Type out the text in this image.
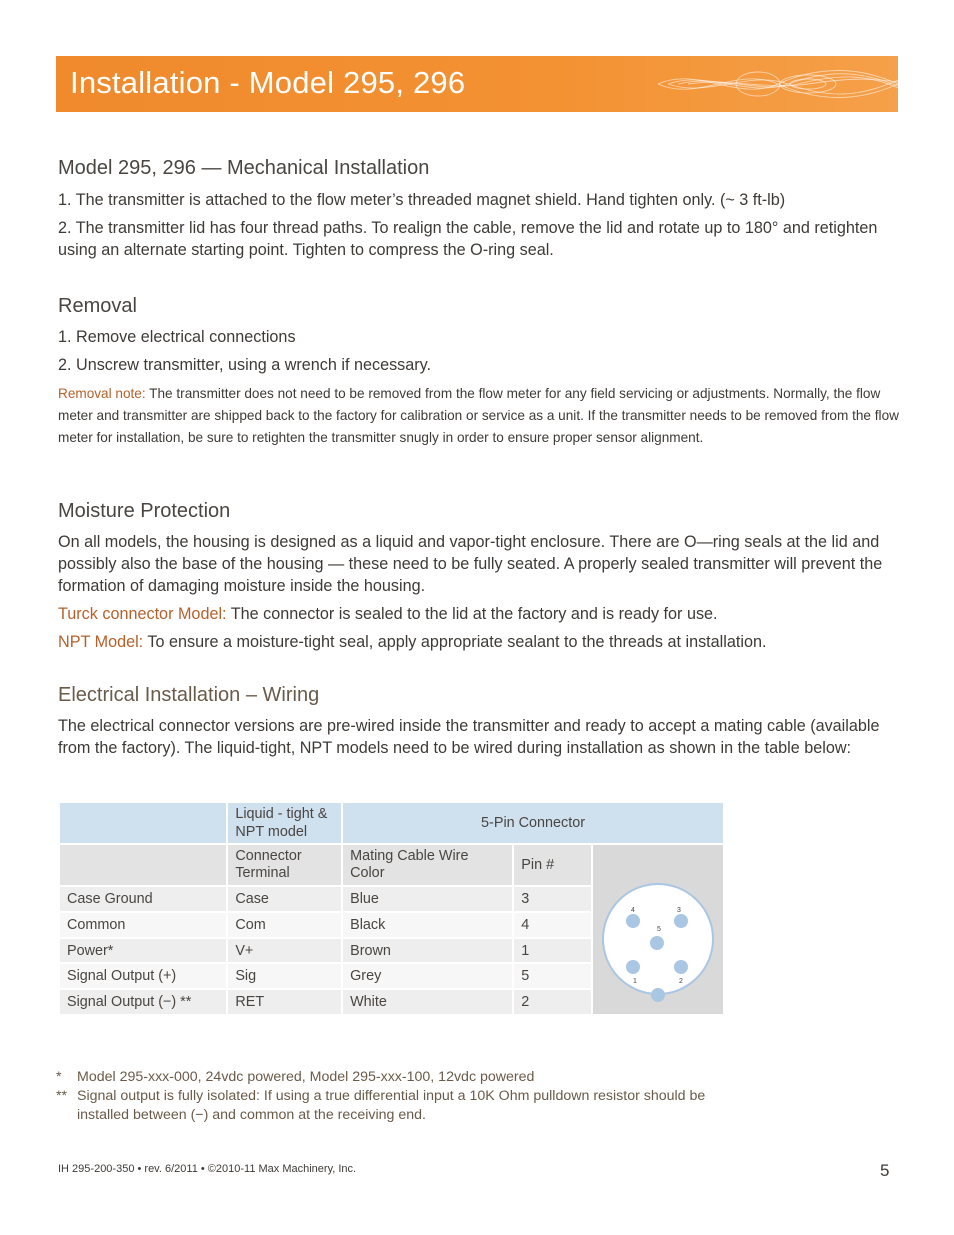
Installation - Model 295, 296
Model 295, 296 — Mechanical Installation
1. The transmitter is attached to the flow meter’s threaded magnet shield. Hand tighten only. (~ 3 ft-lb)
2. The transmitter lid has four thread paths. To realign the cable, remove the lid and rotate up to 180° and retighten using an alternate starting point. Tighten to compress the O-ring seal.
Removal
1. Remove electrical connections
2. Unscrew transmitter, using a wrench if necessary.
Removal note: The transmitter does not need to be removed from the flow meter for any field servicing or adjustments. Normally, the flow meter and transmitter are shipped back to the factory for calibration or service as a unit. If the transmitter needs to be removed from the flow meter for installation, be sure to retighten the transmitter snugly in order to ensure proper sensor alignment.
Moisture Protection
On all models, the housing is designed as a liquid and vapor-tight enclosure. There are O—ring seals at the lid and possibly also the base of the housing — these need to be fully seated. A properly sealed transmitter will prevent the formation of damaging moisture inside the housing.
Turck connector Model: The connector is sealed to the lid at the factory and is ready for use.
NPT Model: To ensure a moisture-tight seal, apply appropriate sealant to the threads at installation.
Electrical Installation – Wiring
The electrical connector versions are pre-wired inside the transmitter and ready to accept a mating cable (available from the factory). The liquid-tight, NPT models need to be wired during installation as shown in the table below:
	Liquid - tight & NPT model	5-Pin Connector		
	Connector Terminal	Mating Cable Wire Color	Pin #	4 3
5
1 2

Case Ground	Case	Blue	3	
Common	Com	Black	4	
Power*	V+	Brown	1	
Signal Output (+)	Sig	Grey	5	
Signal Output (−) **	RET	White	2	
* Model 295-xxx-000, 24vdc powered, Model 295-xxx-100, 12vdc powered
** Signal output is fully isolated: If using a true differential input a 10K Ohm pulldown resistor should be installed between (−) and common at the receiving end.
IH 295-200-350 • rev. 6/2011 • ©2010-11 Max Machinery, Inc.	5
